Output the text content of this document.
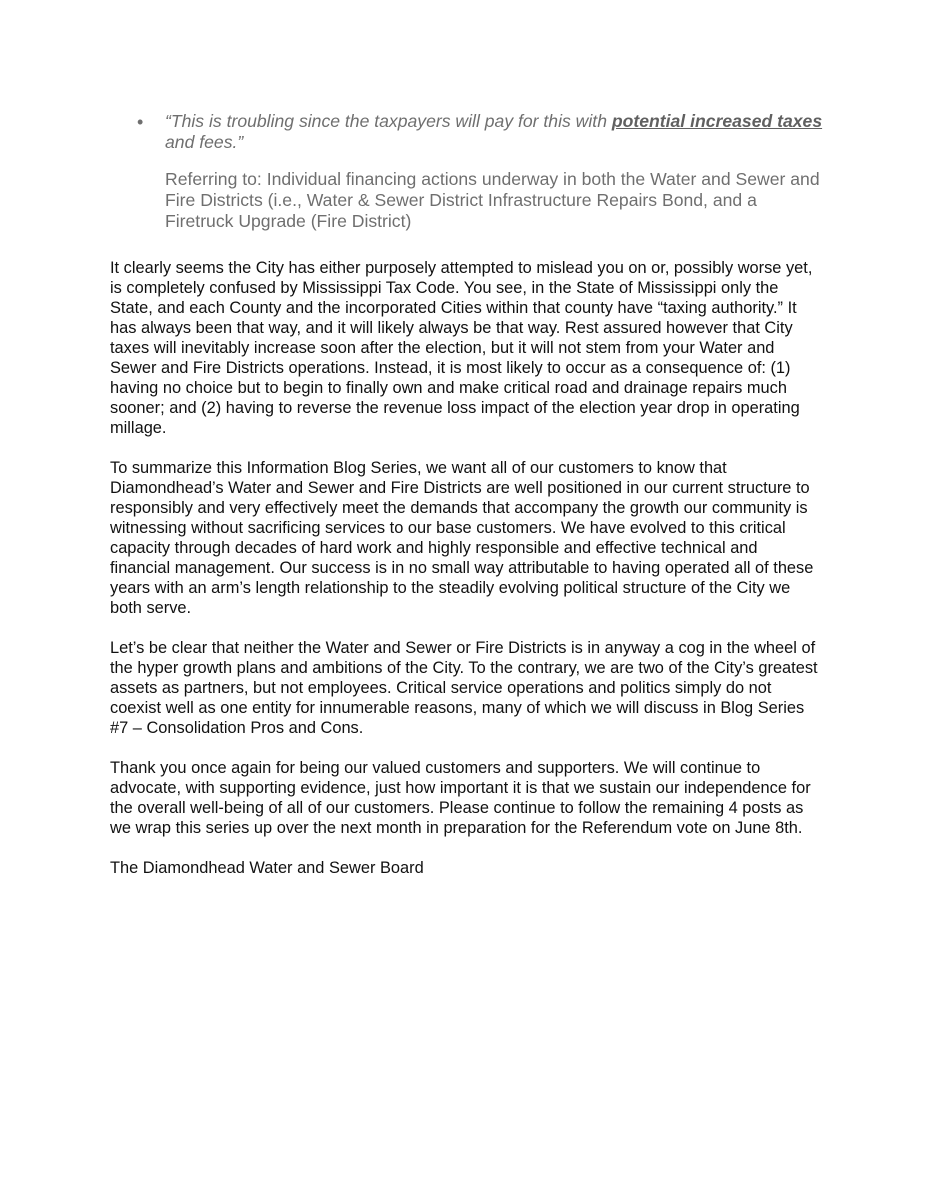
• “This is troubling since the taxpayers will pay for this with potential increased taxes and fees.”
Referring to: Individual financing actions underway in both the Water and Sewer and Fire Districts (i.e., Water & Sewer District Infrastructure Repairs Bond, and a Firetruck Upgrade (Fire District)

It clearly seems the City has either purposely attempted to mislead you on or, possibly worse yet, is completely confused by Mississippi Tax Code. You see, in the State of Mississippi only the State, and each County and the incorporated Cities within that county have “taxing authority.” It has always been that way, and it will likely always be that way. Rest assured however that City taxes will inevitably increase soon after the election, but it will not stem from your Water and Sewer and Fire Districts operations. Instead, it is most likely to occur as a consequence of: (1) having no choice but to begin to finally own and make critical road and drainage repairs much sooner; and (2) having to reverse the revenue loss impact of the election year drop in operating millage.

To summarize this Information Blog Series, we want all of our customers to know that Diamondhead’s Water and Sewer and Fire Districts are well positioned in our current structure to responsibly and very effectively meet the demands that accompany the growth our community is witnessing without sacrificing services to our base customers. We have evolved to this critical capacity through decades of hard work and highly responsible and effective technical and financial management. Our success is in no small way attributable to having operated all of these years with an arm’s length relationship to the steadily evolving political structure of the City we both serve.

Let’s be clear that neither the Water and Sewer or Fire Districts is in anyway a cog in the wheel of the hyper growth plans and ambitions of the City. To the contrary, we are two of the City’s greatest assets as partners, but not employees. Critical service operations and politics simply do not coexist well as one entity for innumerable reasons, many of which we will discuss in Blog Series #7 – Consolidation Pros and Cons.

Thank you once again for being our valued customers and supporters. We will continue to advocate, with supporting evidence, just how important it is that we sustain our independence for the overall well-being of all of our customers. Please continue to follow the remaining 4 posts as we wrap this series up over the next month in preparation for the Referendum vote on June 8th.

The Diamondhead Water and Sewer Board
